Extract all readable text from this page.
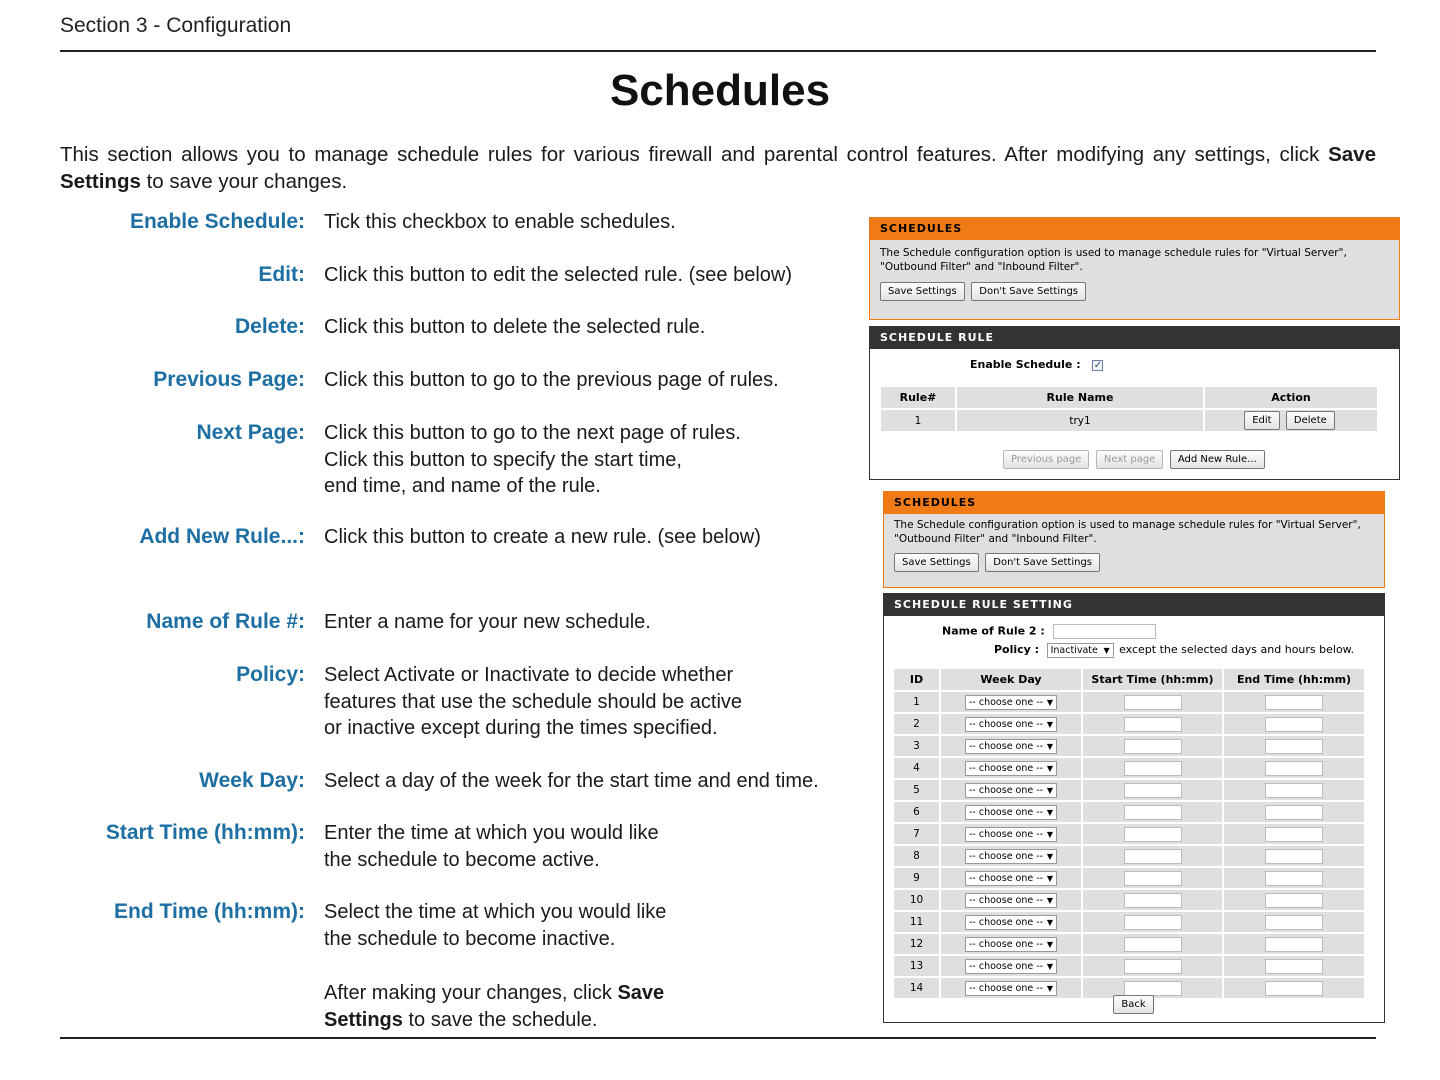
Section 3 - Configuration
Schedules
This section allows you to manage schedule rules for various firewall and parental control features. After modifying any settings, click Save Settings to save your changes.
Enable Schedule: Tick this checkbox to enable schedules.
Edit: Click this button to edit the selected rule. (see below)
Delete: Click this button to delete the selected rule.
Previous Page: Click this button to go to the previous page of rules.
Next Page: Click this button to go to the next page of rules.
Click this button to specify the start time,
end time, and name of the rule.
Add New Rule...: Click this button to create a new rule. (see below)
Name of Rule #: Enter a name for your new schedule.
Policy: Select Activate or Inactivate to decide whether
features that use the schedule should be active
or inactive except during the times specified.
Week Day: Select a day of the week for the start time and end time.
Start Time (hh:mm): Enter the time at which you would like
the schedule to become active.
End Time (hh:mm): Select the time at which you would like
the schedule to become inactive.
After making your changes, click Save
Settings to save the schedule.
SCHEDULES
The Schedule configuration option is used to manage schedule rules for "Virtual Server",
"Outbound Filter" and "Inbound Filter".
Save Settings Don't Save Settings
SCHEDULE RULE
Enable Schedule : ✓
Rule#	Rule Name	Action
1	try1	Edit Delete
Previous page Next page Add New Rule...
SCHEDULES
The Schedule configuration option is used to manage schedule rules for "Virtual Server",
"Outbound Filter" and "Inbound Filter".
Save Settings Don't Save Settings
SCHEDULE RULE SETTING
Name of Rule 2 :
Policy : Inactivate ▼ except the selected days and hours below.
ID	Week Day	Start Time (hh:mm)	End Time (hh:mm)
1	-- choose one -- ▼		

2	-- choose one -- ▼		

3	-- choose one -- ▼		

4	-- choose one -- ▼		

5	-- choose one -- ▼		

6	-- choose one -- ▼		

7	-- choose one -- ▼		

8	-- choose one -- ▼		

9	-- choose one -- ▼		

10	-- choose one -- ▼		

11	-- choose one -- ▼		

12	-- choose one -- ▼		

13	-- choose one -- ▼		

14	-- choose one -- ▼		

Back
